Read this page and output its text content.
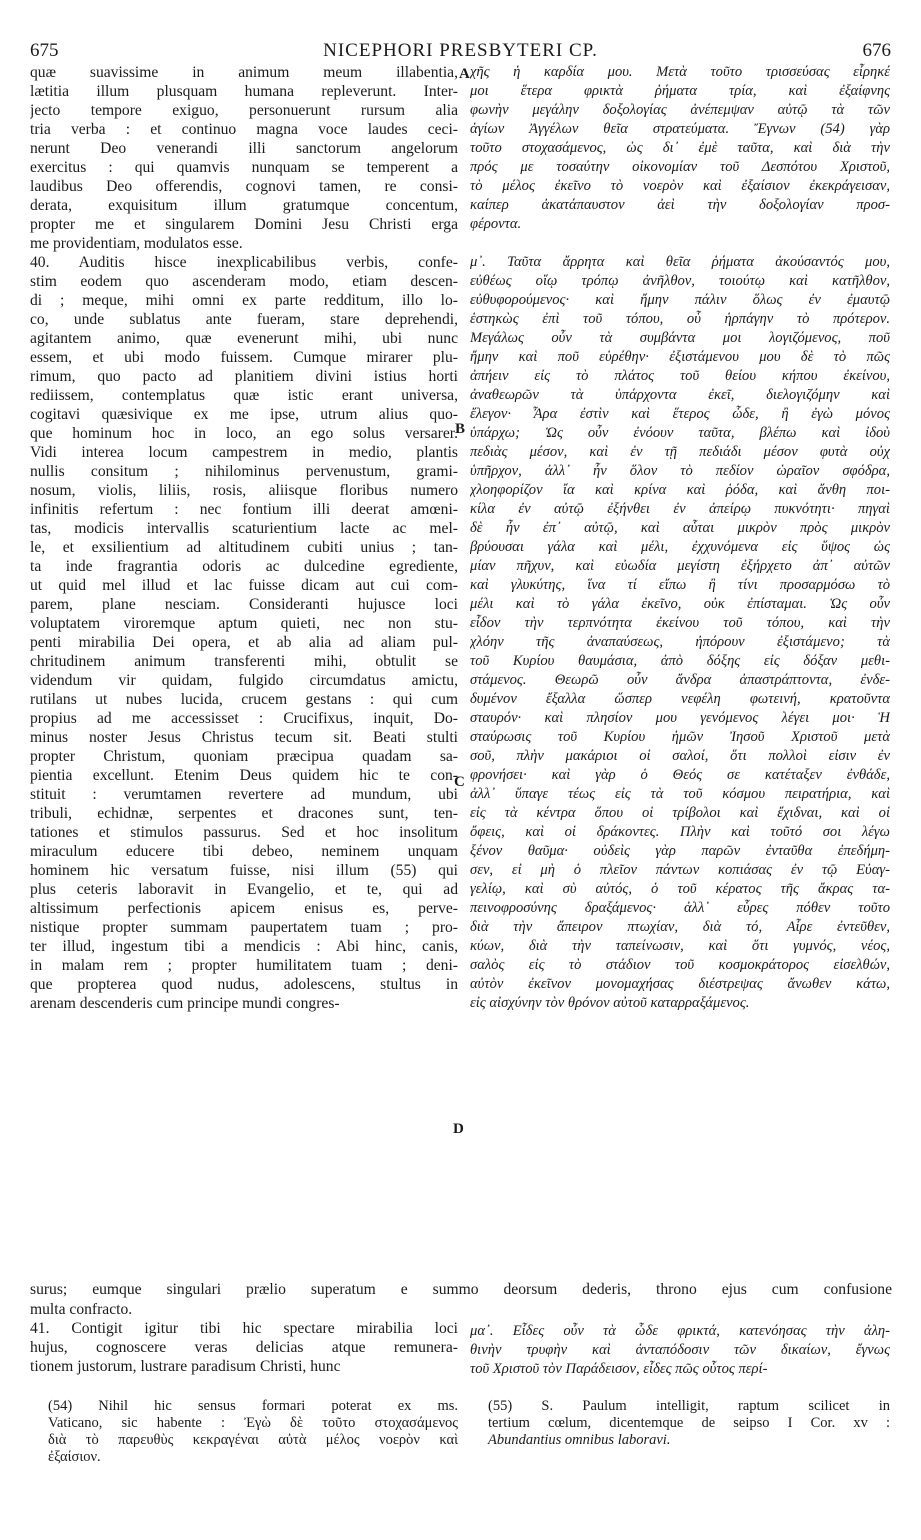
675	NICEPHORI PRESBYTERI CP.	676
quæ suavissime in animum meum illabentia,
lætitia illum plusquam humana repleverunt. Inter-
jecto tempore exiguo, personuerunt rursum alia
tria verba : et continuo magna voce laudes ceci-
nerunt Deo venerandi illi sanctorum angelorum
exercitus : qui quamvis nunquam se temperent a
laudibus Deo offerendis, cognovi tamen, re consi-
derata, exquisitum illum gratumque concentum,
propter me et singularem Domini Jesu Christi erga
me providentiam, modulatos esse.
40. Auditis hisce inexplicabilibus verbis, confe-
stim eodem quo ascenderam modo, etiam descen-
di ; meque, mihi omni ex parte redditum, illo lo-
co, unde sublatus ante fueram, stare deprehendi,
agitantem animo, quæ evenerunt mihi, ubi nunc
essem, et ubi modo fuissem. Cumque mirarer plu-
rimum, quo pacto ad planitiem divini istius horti
rediissem, contemplatus quæ istic erant universa,
cogitavi quæsivique ex me ipse, utrum alius quo-
que hominum hoc in loco, an ego solus versarer.
Vidi interea locum campestrem in medio, plantis
nullis consitum ; nihilominus pervenustum, grami-
nosum, violis, liliis, rosis, aliisque floribus numero
infinitis refertum : nec fontium illi deerat amœni-
tas, modicis intervallis scaturientium lacte ac mel-
le, et exsilientium ad altitudinem cubiti unius ; tan-
ta inde fragrantia odoris ac dulcedine egrediente,
ut quid mel illud et lac fuisse dicam aut cui com-
parem, plane nesciam. Consideranti hujusce loci
voluptatem viroremque aptum quieti, nec non stu-
penti mirabilia Dei opera, et ab alia ad aliam pul-
chritudinem animum transferenti mihi, obtulit se
videndum vir quidam, fulgido circumdatus amictu,
rutilans ut nubes lucida, crucem gestans : qui cum
propius ad me accessisset : Crucifixus, inquit, Do-
minus noster Jesus Christus tecum sit. Beati stulti
propter Christum, quoniam præcipua quadam sa-
pientia excellunt. Etenim Deus quidem hic te con-
stituit : verumtamen revertere ad mundum, ubi
tribuli, echidnæ, serpentes et dracones sunt, ten-
tationes et stimulos passurus. Sed et hoc insolitum
miraculum educere tibi debeo, neminem unquam
hominem hic versatum fuisse, nisi illum (55) qui
plus ceteris laboravit in Evangelio, et te, qui ad
altissimum perfectionis apicem enisus es, perve-
nistique propter summam paupertatem tuam ; pro-
ter illud, ingestum tibi a mendicis : Abi hinc, canis,
in malam rem ; propter humilitatem tuam ; deni-
que propterea quod nudus, adolescens, stultus in
arenam descenderis cum principe mundi congres-
χῆς ἡ καρδία μου. Μετὰ τοῦτο τρισσεύσας εἶρηκέ
μοι ἕτερα φρικτὰ ῥήματα τρία, καὶ ἐξαίφνης
φωνὴν μεγάλην δοξολογίας ἀνέπεμψαν αὐτῷ τὰ τῶν
ἁγίων Ἀγγέλων θεῖα στρατεύματα. Ἔγνων (54) γὰρ
τοῦτο στοχασάμενος, ὡς δι᾽ ἐμὲ ταῦτα, καὶ διὰ τὴν
πρός με τοσαύτην οἰκονομίαν τοῦ Δεσπότου Χριστοῦ,
τὸ μέλος ἐκεῖνο τὸ νοερὸν καὶ ἐξαίσιον ἐκεκράγεισαν,
καίπερ ἀκατάπαυστον ἀεὶ τὴν δοξολογίαν προσ-
φέροντα.

μ᾽. Ταῦτα ἄρρητα καὶ θεῖα ῥήματα ἀκούσαντός μου,
εὐθέως οἵῳ τρόπῳ ἀνῆλθον, τοιούτῳ καὶ κατῆλθον,
εὐθυφορούμενος· καὶ ἤμην πάλιν ὅλως ἐν ἐμαυτῷ
ἑστηκὼς ἐπὶ τοῦ τόπου, οὗ ἡρπάγην τὸ πρότερον.
Μεγάλως οὖν τὰ συμβάντα μοι λογιζόμενος, ποῦ
ἤμην καὶ ποῦ εὑρέθην· ἐξιστάμενου μου δὲ τὸ πῶς
ἀπήειν εἰς τὸ πλάτος τοῦ θείου κήπου ἐκείνου,
ἀναθεωρῶν τὰ ὑπάρχοντα ἐκεῖ, διελογιζόμην καὶ
ἔλεγον· Ἆρα ἐστὶν καὶ ἕτερος ὧδε, ἢ ἐγὼ μόνος
ὑπάρχω; Ὡς οὖν ἐνόουν ταῦτα, βλέπω καὶ ἰδοὺ
πεδιὰς μέσον, καὶ ἐν τῇ πεδιάδι μέσον φυτὰ οὐχ
ὑπῆρχον, ἀλλ᾽ ἦν ὅλον τὸ πεδίον ὡραῖον σφόδρα,
χλοηφορίζον ἴα καὶ κρίνα καὶ ῥόδα, καὶ ἄνθη ποι-
κίλα ἐν αὐτῷ ἐξήνθει ἐν ἀπείρῳ πυκνότητι· πηγαὶ
δὲ ἦν ἐπ᾽ αὐτῷ, καὶ αὗται μικρὸν πρὸς μικρὸν
βρύουσαι γάλα καὶ μέλι, ἐχχυνόμενα εἰς ὕψος ὡς
μίαν πῆχυν, καὶ εὐωδία μεγίστη ἐξήρχετο ἀπ᾽ αὐτῶν
καὶ γλυκύτης, ἵνα τί εἴπω ἢ τίνι προσαρμόσω τὸ
μέλι καὶ τὸ γάλα ἐκεῖνο, οὐκ ἐπίσταμαι. Ὡς οὖν
εἶδον τὴν τερπνότητα ἐκείνου τοῦ τόπου, καὶ τὴν
χλόην τῆς ἀναπαύσεως, ἠπόρουν ἐξιστάμενο; τὰ
τοῦ Κυρίου θαυμάσια, ἀπὸ δόξης εἰς δόξαν μεθι-
στάμενος. Θεωρῶ οὖν ἄνδρα ἀπαστράπτοντα, ἐνδε-
δυμένον ἔξαλλα ὥσπερ νεφέλη φωτεινή, κρατοῦντα
σταυρόν· καὶ πλησίον μου γενόμενος λέγει μοι· Ἡ
σταύρωσις τοῦ Κυρίου ἡμῶν Ἰησοῦ Χριστοῦ μετὰ
σοῦ, πλὴν μακάριοι οἱ σαλοί, ὅτι πολλοὶ εἰσιν ἐν
φρονήσει· καὶ γὰρ ὁ Θεός σε κατέταξεν ἐνθάδε,
ἀλλ᾽ ὕπαγε τέως εἰς τὰ τοῦ κόσμου πειρατήρια, καὶ
εἰς τὰ κέντρα ὅπου οἱ τρίβολοι καὶ ἔχιδναι, καὶ οἱ
ὄφεις, καὶ οἱ δράκοντες. Πλὴν καὶ τοῦτό σοι λέγω
ξένον θαῦμα· οὐδεὶς γὰρ παρῶν ἐνταῦθα ἐπεδήμη-
σεν, εἰ μὴ ὁ πλεῖον πάντων κοπιάσας ἐν τῷ Εὐαγ-
γελίῳ, καὶ σὺ αὐτός, ὁ τοῦ κέρατος τῆς ἄκρας τα-
πεινοφροσύνης δραξάμενος· ἀλλ᾽ εὗρες πόθεν τοῦτο
διὰ τὴν ἄπειρον πτωχίαν, διὰ τό, Αἶρε ἐντεῦθεν,
κύων, διὰ τὴν ταπείνωσιν, καὶ ὅτι γυμνός, νέος,
σαλὸς εἰς τὸ στάδιον τοῦ κοσμοκράτορος εἰσελθών,
αὐτὸν ἐκεῖνον μονομαχήσας διέστρεψας ἄνωθεν κάτω,
εἰς αἰσχύνην τὸν θρόνον αὐτοῦ καταρραξάμενος.
A
B
C
D
surus; eumque singulari prælio superatum e summo deorsum dederis, throno ejus cum confusione
multa confracto.
41. Contigit igitur tibi hic spectare mirabilia loci
hujus, cognoscere veras delicias atque remunera-
tionem justorum, lustrare paradisum Christi, hunc
μα᾽. Εἶδες οὖν τὰ ὧδε φρικτά, κατενόησας τὴν ἀλη-
θινὴν τρυφὴν καὶ ἀνταπόδοσιν τῶν δικαίων, ἔγνως
τοῦ Χριστοῦ τὸν Παράδεισον, εἶδες πῶς οὗτος περί-
(54) Nihil hic sensus formari poterat ex ms.
Vaticano, sic habente : Ἐγὼ δὲ τοῦτο στοχασάμενος
διὰ τὸ παρευθὺς κεκραγέναι αὐτὰ μέλος νοερὸν καὶ
ἐξαίσιον.
(55) S. Paulum intelligit, raptum scilicet in
tertium cœlum, dicentemque de seipso I Cor. xv :
Abundantius omnibus laboravi.
